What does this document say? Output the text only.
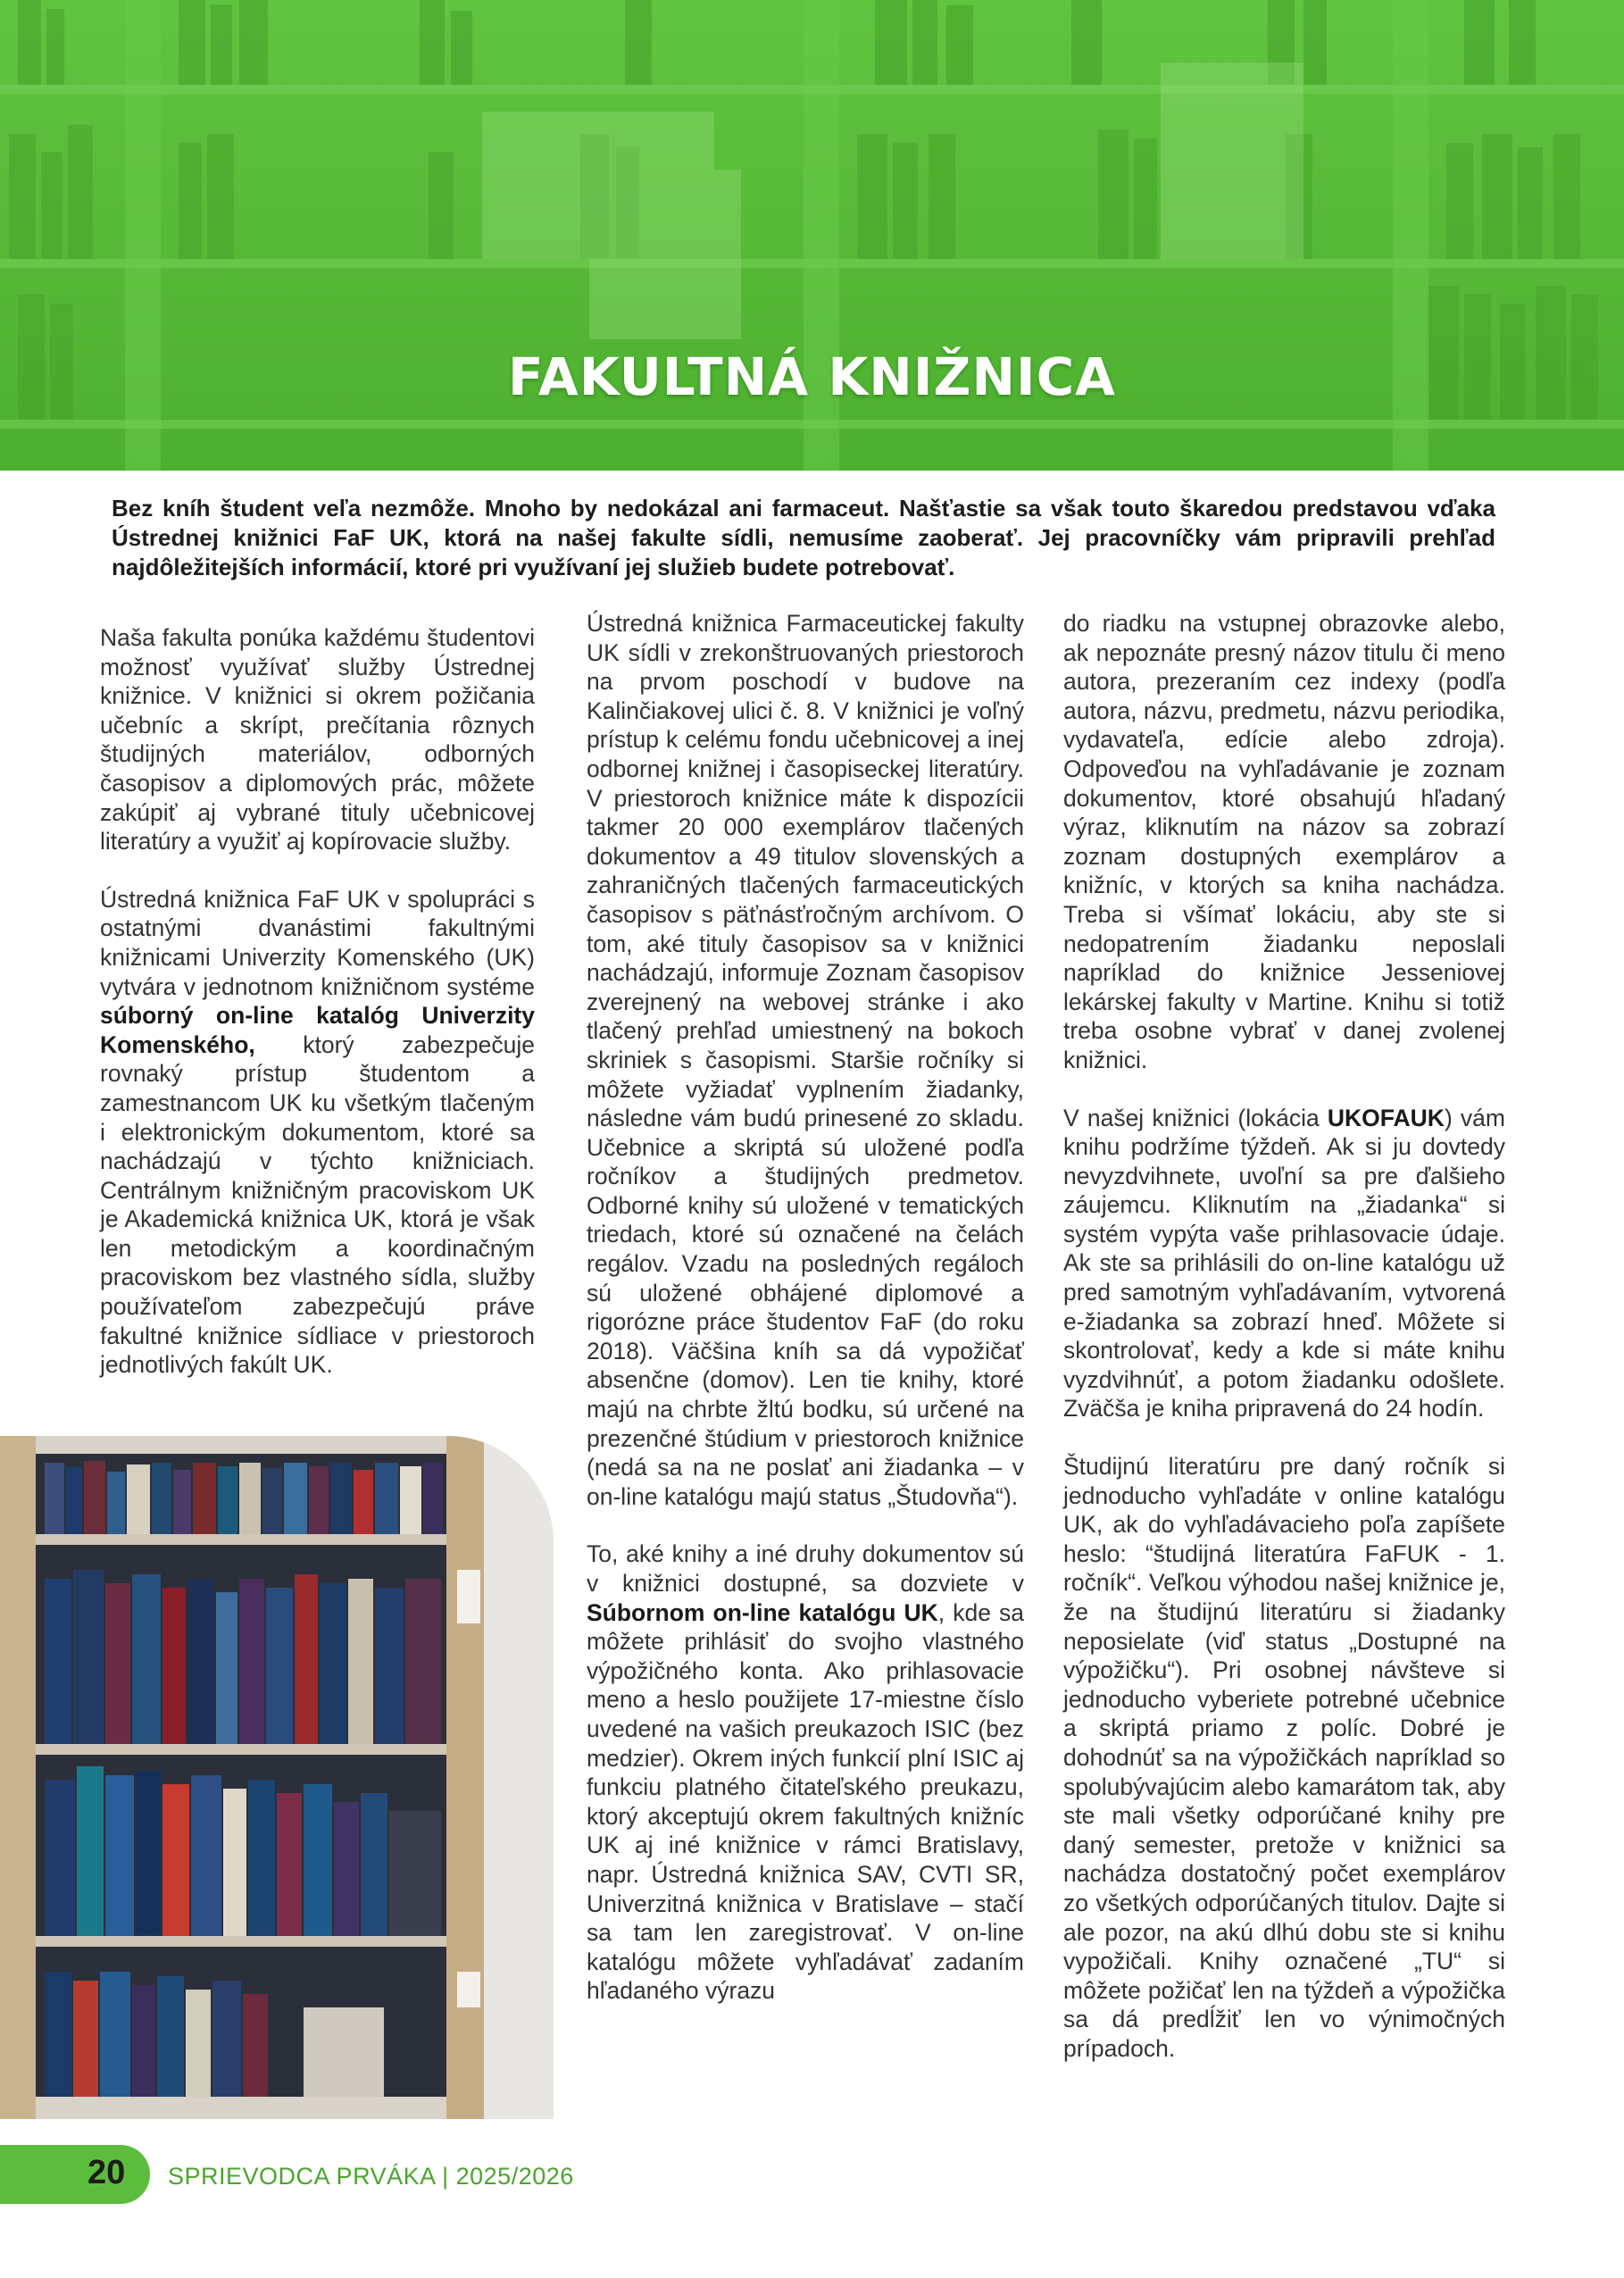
FAKULTNÁ KNIŽNICA
Bez kníh študent veľa nezmôže. Mnoho by nedokázal ani farmaceut. Našťastie sa však touto škaredou predstavou vďaka Ústrednej knižnici FaF UK, ktorá na našej fakulte sídli, nemusíme zaoberať. Jej pracovníčky vám pripravili prehľad najdôležitejších informácií, ktoré pri využívaní jej služieb budete potrebovať.

Naša fakulta ponúka každému študentovi možnosť využívať služby Ústrednej knižnice. V knižnici si okrem požičania učebníc a skrípt, prečítania rôznych študijných materiálov, odborných časopisov a diplomových prác, môžete zakúpiť aj vybrané tituly učebnicovej literatúry a využiť aj kopírovacie služby.

Ústredná knižnica FaF UK v spolupráci s ostatnými dvanástimi fakultnými knižnicami Univerzity Komenského (UK) vytvára v jednotnom knižničnom systéme súborný on-line katalóg Univerzity Komenského, ktorý zabezpečuje rovnaký prístup študentom a zamestnancom UK ku všetkým tlačeným i elektronickým dokumentom, ktoré sa nachádzajú v týchto knižniciach. Centrálnym knižničným pracoviskom UK je Akademická knižnica UK, ktorá je však len metodickým a koordinačným pracoviskom bez vlastného sídla, služby používateľom zabezpečujú práve fakultné knižnice sídliace v priestoroch jednotlivých fakúlt UK.

Ústredná knižnica Farmaceutickej fakulty UK sídli v zrekonštruovaných priestoroch na prvom poschodí v budove na Kalinčiakovej ulici č. 8. V knižnici je voľný prístup k celému fondu učebnicovej a inej odbornej knižnej i časopiseckej literatúry. V priestoroch knižnice máte k dispozícii takmer 20 000 exemplárov tlačených dokumentov a 49 titulov slovenských a zahraničných tlačených farmaceutických časopisov s päťnásťročným archívom. O tom, aké tituly časopisov sa v knižnici nachádzajú, informuje Zoznam časopisov zverejnený na webovej stránke i ako tlačený prehľad umiestnený na bokoch skriniek s časopismi. Staršie ročníky si môžete vyžiadať vyplnením žiadanky, následne vám budú prinesené zo skladu. Učebnice a skriptá sú uložené podľa ročníkov a študijných predmetov. Odborné knihy sú uložené v tematických triedach, ktoré sú označené na čelách regálov. Vzadu na posledných regáloch sú uložené obhájené diplomové a rigorózne práce študentov FaF (do roku 2018). Väčšina kníh sa dá vypožičať absenčne (domov). Len tie knihy, ktoré majú na chrbte žltú bodku, sú určené na prezenčné štúdium v priestoroch knižnice (nedá sa na ne poslať ani žiadanka – v on-line katalógu majú status „Študovňa“).

To, aké knihy a iné druhy dokumentov sú v knižnici dostupné, sa dozviete v Súbornom on-line katalógu UK, kde sa môžete prihlásiť do svojho vlastného výpožičného konta. Ako prihlasovacie meno a heslo použijete 17-miestne číslo uvedené na vašich preukazoch ISIC (bez medzier). Okrem iných funkcií plní ISIC aj funkciu platného čitateľského preukazu, ktorý akceptujú okrem fakultných knižníc UK aj iné knižnice v rámci Bratislavy, napr. Ústredná knižnica SAV, CVTI SR, Univerzitná knižnica v Bratislave – stačí sa tam len zaregistrovať. V on-line katalógu môžete vyhľadávať zadaním hľadaného výrazu

do riadku na vstupnej obrazovke alebo, ak nepoznáte presný názov titulu či meno autora, prezeraním cez indexy (podľa autora, názvu, predmetu, názvu periodika, vydavateľa, edície alebo zdroja). Odpoveďou na vyhľadávanie je zoznam dokumentov, ktoré obsahujú hľadaný výraz, kliknutím na názov sa zobrazí zoznam dostupných exemplárov a knižníc, v ktorých sa kniha nachádza. Treba si všímať lokáciu, aby ste si nedopatrením žiadanku neposlali napríklad do knižnice Jesseniovej lekárskej fakulty v Martine. Knihu si totiž treba osobne vybrať v danej zvolenej knižnici.

V našej knižnici (lokácia UKOFAUK) vám knihu podržíme týždeň. Ak si ju dovtedy nevyzdvihnete, uvoľní sa pre ďalšieho záujemcu. Kliknutím na „žiadanka“ si systém vypýta vaše prihlasovacie údaje. Ak ste sa prihlásili do on-line katalógu už pred samotným vyhľadávaním, vytvorená e-žiadanka sa zobrazí hneď. Môžete si skontrolovať, kedy a kde si máte knihu vyzdvihnúť, a potom žiadanku odošlete. Zväčša je kniha pripravená do 24 hodín.

Študijnú literatúru pre daný ročník si jednoducho vyhľadáte v online katalógu UK, ak do vyhľadávacieho poľa zapíšete heslo: “študijná literatúra FaFUK - 1. ročník“. Veľkou výhodou našej knižnice je, že na študijnú literatúru si žiadanky neposielate (viď status „Dostupné na výpožičku“). Pri osobnej návšteve si jednoducho vyberiete potrebné učebnice a skriptá priamo z políc. Dobré je dohodnúť sa na výpožičkách napríklad so spolubývajúcim alebo kamarátom tak, aby ste mali všetky odporúčané knihy pre daný semester, pretože v knižnici sa nachádza dostatočný počet exemplárov zo všetkých odporúčaných titulov. Dajte si ale pozor, na akú dlhú dobu ste si knihu vypožičali. Knihy označené „TU“ si môžete požičať len na týždeň a výpožička sa dá predĺžiť len vo výnimočných prípadoch.

20 SPRIEVODCA PRVÁKA | 2025/2026
